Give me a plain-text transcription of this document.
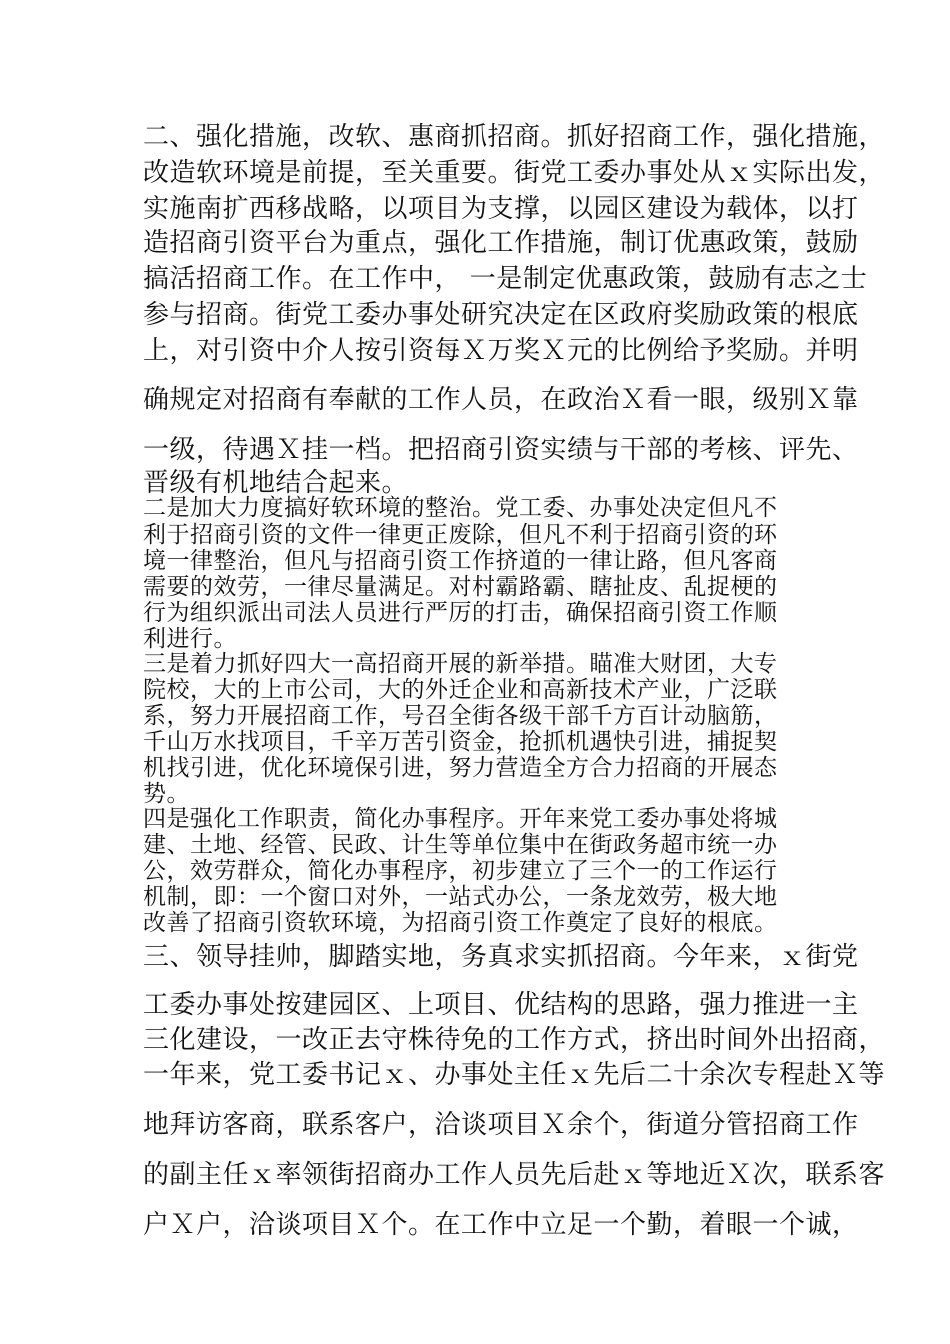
二、强化措施，改软、惠商抓招商。抓好招商工作，强化措施，

改造软环境是前提，至关重要。街党工委办事处从ｘ实际出发，

实施南扩西移战略，以项目为支撑，以园区建设为载体，以打

造招商引资平台为重点，强化工作措施，制订优惠政策，鼓励

搞活招商工作。在工作中， 一是制定优惠政策，鼓励有志之士

参与招商。街党工委办事处研究决定在区政府奖励政策的根底

上，对引资中介人按引资每Ｘ万奖Ｘ元的比例给予奖励。并明

确规定对招商有奉献的工作人员，在政治Ｘ看一眼，级别Ｘ靠

一级，待遇Ｘ挂一档。把招商引资实绩与干部的考核、评先、

晋级有机地结合起来。

二是加大力度搞好软环境的整治。党工委、办事处决定但凡不

利于招商引资的文件一律更正废除，但凡不利于招商引资的环

境一律整治，但凡与招商引资工作挤道的一律让路，但凡客商

需要的效劳，一律尽量满足。对村霸路霸、瞎扯皮、乱捉梗的

行为组织派出司法人员进行严厉的打击，确保招商引资工作顺

利进行。

三是着力抓好四大一高招商开展的新举措。瞄准大财团，大专

院校，大的上市公司，大的外迁企业和高新技术产业，广泛联

系，努力开展招商工作，号召全街各级干部千方百计动脑筋，

千山万水找项目，千辛万苦引资金，抢抓机遇快引进，捕捉契

机找引进，优化环境保引进，努力营造全方合力招商的开展态

势。

四是强化工作职责，简化办事程序。开年来党工委办事处将城

建、土地、经管、民政、计生等单位集中在街政务超市统一办

公，效劳群众，简化办事程序，初步建立了三个一的工作运行

机制，即：一个窗口对外，一站式办公，一条龙效劳，极大地

改善了招商引资软环境，为招商引资工作奠定了良好的根底。

三、领导挂帅，脚踏实地，务真求实抓招商。今年来，ｘ街党

工委办事处按建园区、上项目、优结构的思路，强力推进一主

三化建设，一改正去守株待免的工作方式，挤出时间外出招商，

一年来，党工委书记ｘ、办事处主任ｘ先后二十余次专程赴Ｘ等

地拜访客商，联系客户，洽谈项目Ｘ余个，街道分管招商工作

的副主任ｘ率领街招商办工作人员先后赴ｘ等地近Ｘ次，联系客

户Ｘ户，洽谈项目Ｘ个。在工作中立足一个勤，着眼一个诚，
